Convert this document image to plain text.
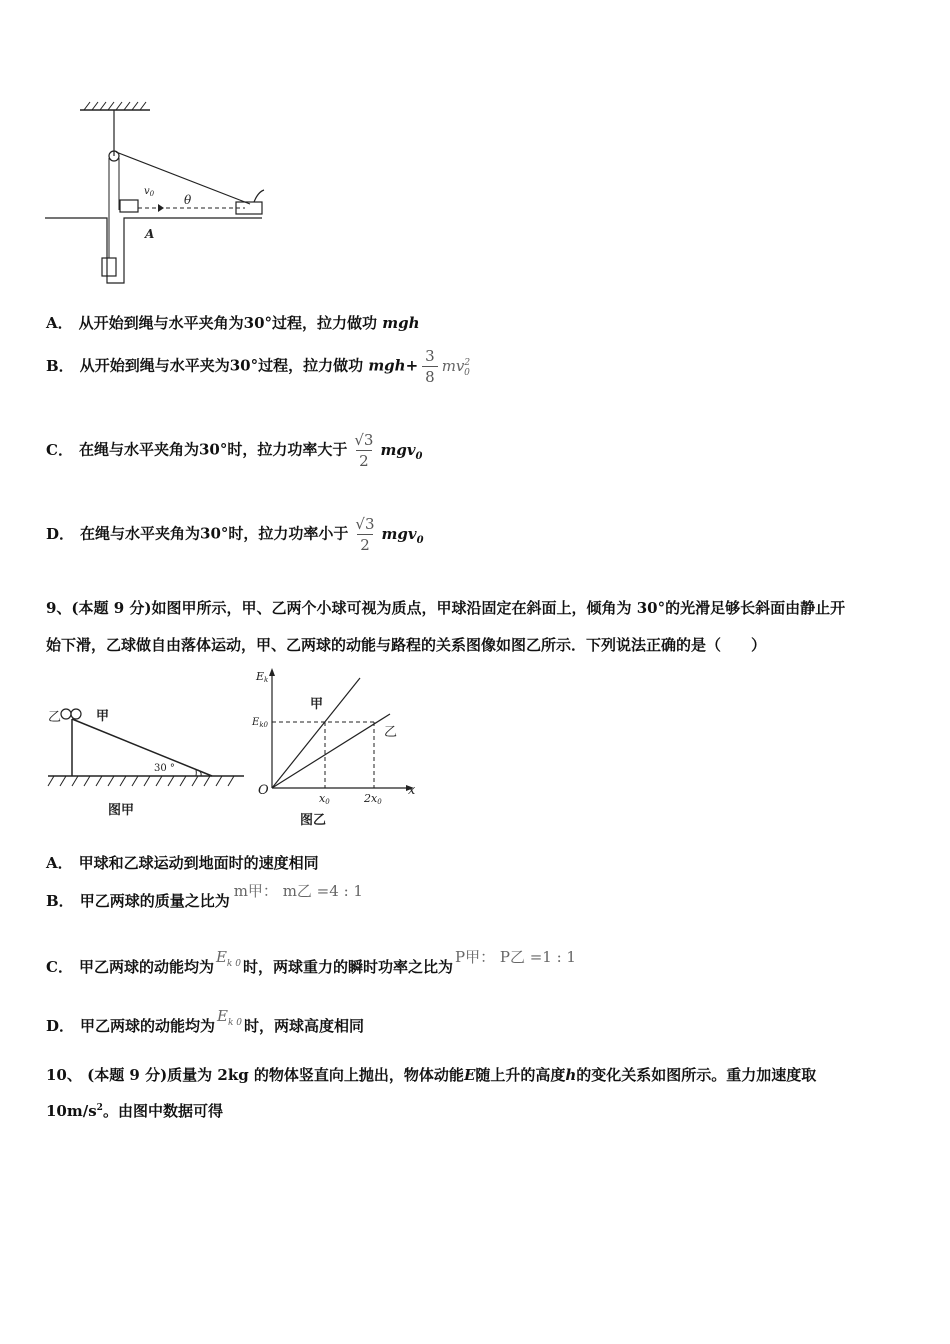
$v_0$ θ
A
A． 从开始到绳与水平夹角为30°过程，拉力做功 mgh
B． 从开始到绳与水平夹为30°过程，拉力做功 $mgh+ \frac{3}{8} mv^2_0$
C． 在绳与水平夹角为30°时，拉力功率大于 $\frac{√3}{2} mgv_0$
D． 在绳与水平夹角为30°时，拉力功率小于 $\frac{√3}{2} mgv_0$
9、(本题 9 分)如图甲所示，甲、乙两个小球可视为质点，甲球沿固定在斜面上，倾角为 30°的光滑足够长斜面由静止开
始下滑，乙球做自由落体运动，甲、乙两球的动能与路程的关系图像如图乙所示．下列说法正确的是（　　）
乙	甲
30 °
图甲
Ek
$E_{k0}$
甲
乙
O	x
x0	2x0
图乙
A． 甲球和乙球运动到地面时的速度相同
B． 甲乙两球的质量之比为m甲： m乙 =4 : 1
C． 甲乙两球的动能均为$E_{k 0}$ 时，两球重力的瞬时功率之比为P甲： P乙 =1 : 1
D． 甲乙两球的动能均为$E_{k 0}$ 时，两球高度相同
10、 (本题 9 分)质量为 2kg 的物体竖直向上抛出，物体动能E随上升的高度h的变化关系如图所示。重力加速度取
$10m/s^2$。由图中数据可得
